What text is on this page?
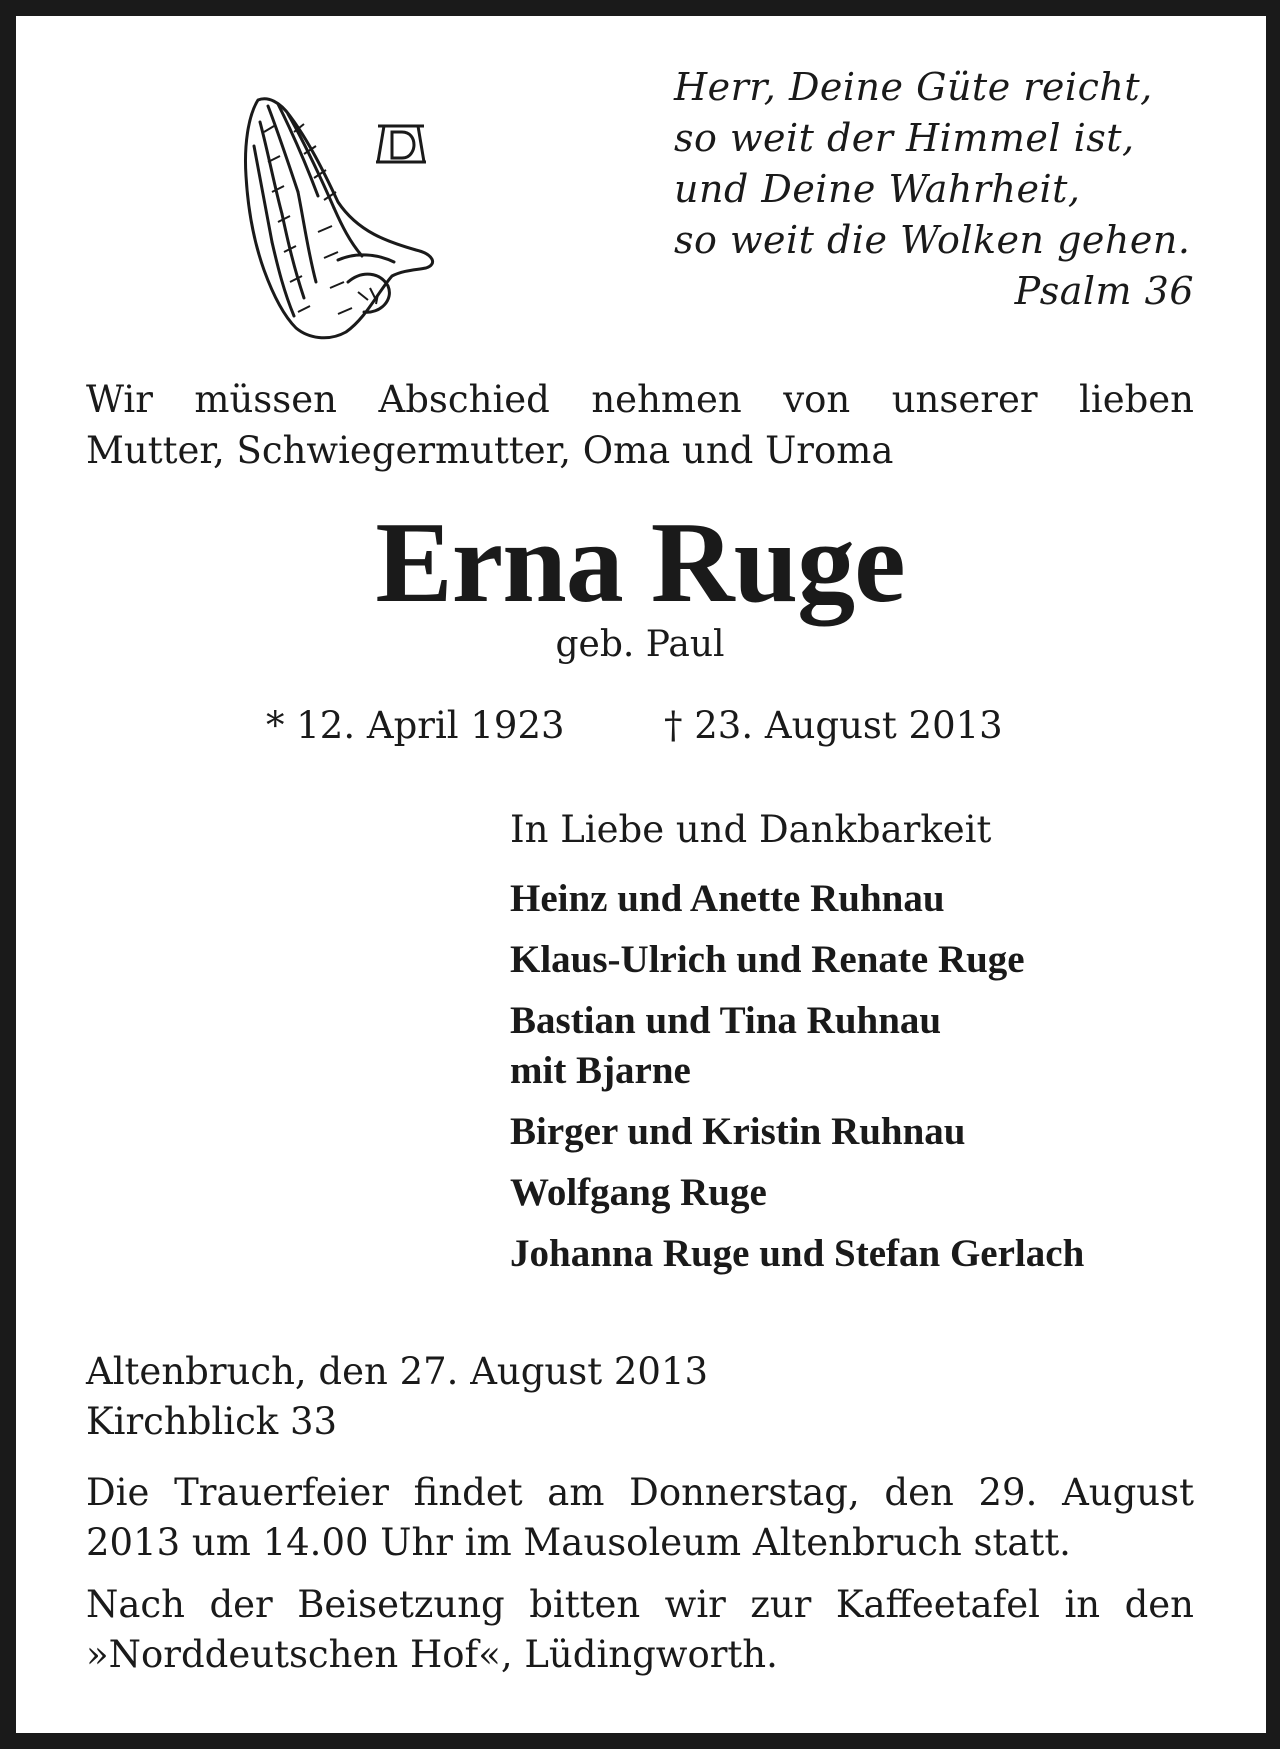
Herr, Deine Güte reicht,
so weit der Himmel ist,
und Deine Wahrheit,
so weit die Wolken gehen.
Psalm 36
Wir müssen Abschied nehmen von unserer lieben
Mutter, Schwiegermutter, Oma und Uroma
Erna Ruge
geb. Paul
* 12. April 1923	† 23. August 2013
In Liebe und Dankbarkeit
Heinz und Anette Ruhnau
Klaus-Ulrich und Renate Ruge
Bastian und Tina Ruhnau
mit Bjarne
Birger und Kristin Ruhnau
Wolfgang Ruge
Johanna Ruge und Stefan Gerlach
Altenbruch, den 27. August 2013
Kirchblick 33
Die Trauerfeier findet am Donnerstag, den 29. August
2013 um 14.00 Uhr im Mausoleum Altenbruch statt.
Nach der Beisetzung bitten wir zur Kaffeetafel in den
»Norddeutschen Hof«, Lüdingworth.
